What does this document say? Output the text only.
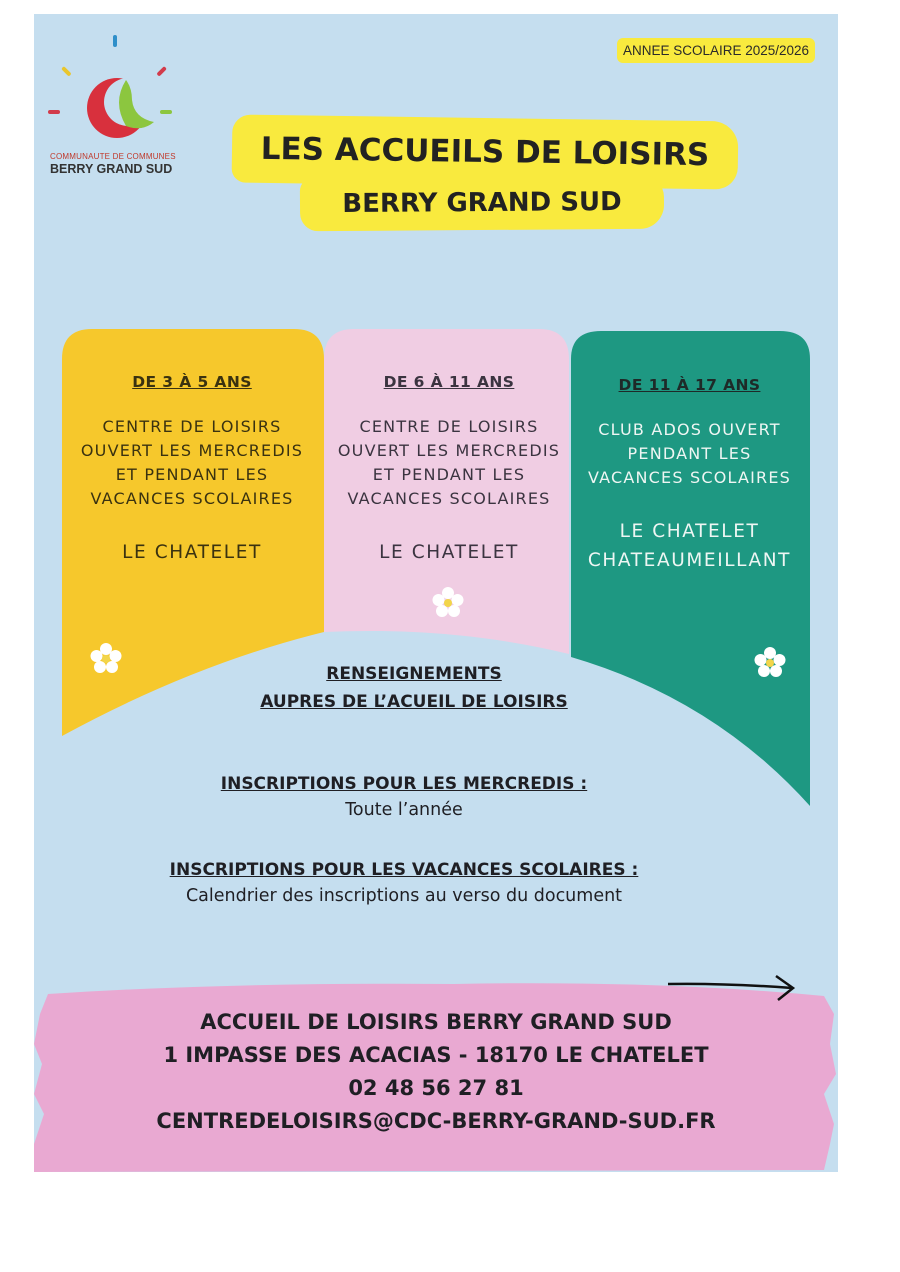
ANNEE SCOLAIRE 2025/2026
COMMUNAUTE DE COMMUNES
BERRY GRAND SUD	LES ACCUEILS DE LOISIRS
BERRY GRAND SUD
DE 3 À 5 ANS
CENTRE DE LOISIRS
OUVERT LES MERCREDIS
ET PENDANT LES
VACANCES SCOLAIRES
LE CHATELET
DE 6 À 11 ANS
CENTRE DE LOISIRS
OUVERT LES MERCREDIS
ET PENDANT LES
VACANCES SCOLAIRES
LE CHATELET
DE 11 À 17 ANS
CLUB ADOS OUVERT
PENDANT LES
VACANCES SCOLAIRES
LE CHATELET
CHATEAUMEILLANT
RENSEIGNEMENTS
AUPRES DE L’ACUEIL DE LOISIRS
INSCRIPTIONS POUR LES MERCREDIS :
Toute l’année
INSCRIPTIONS POUR LES VACANCES SCOLAIRES :
Calendrier des inscriptions au verso du document
ACCUEIL DE LOISIRS BERRY GRAND SUD
1 IMPASSE DES ACACIAS - 18170 LE CHATELET
02 48 56 27 81
CENTREDELOISIRS@CDC-BERRY-GRAND-SUD.FR
